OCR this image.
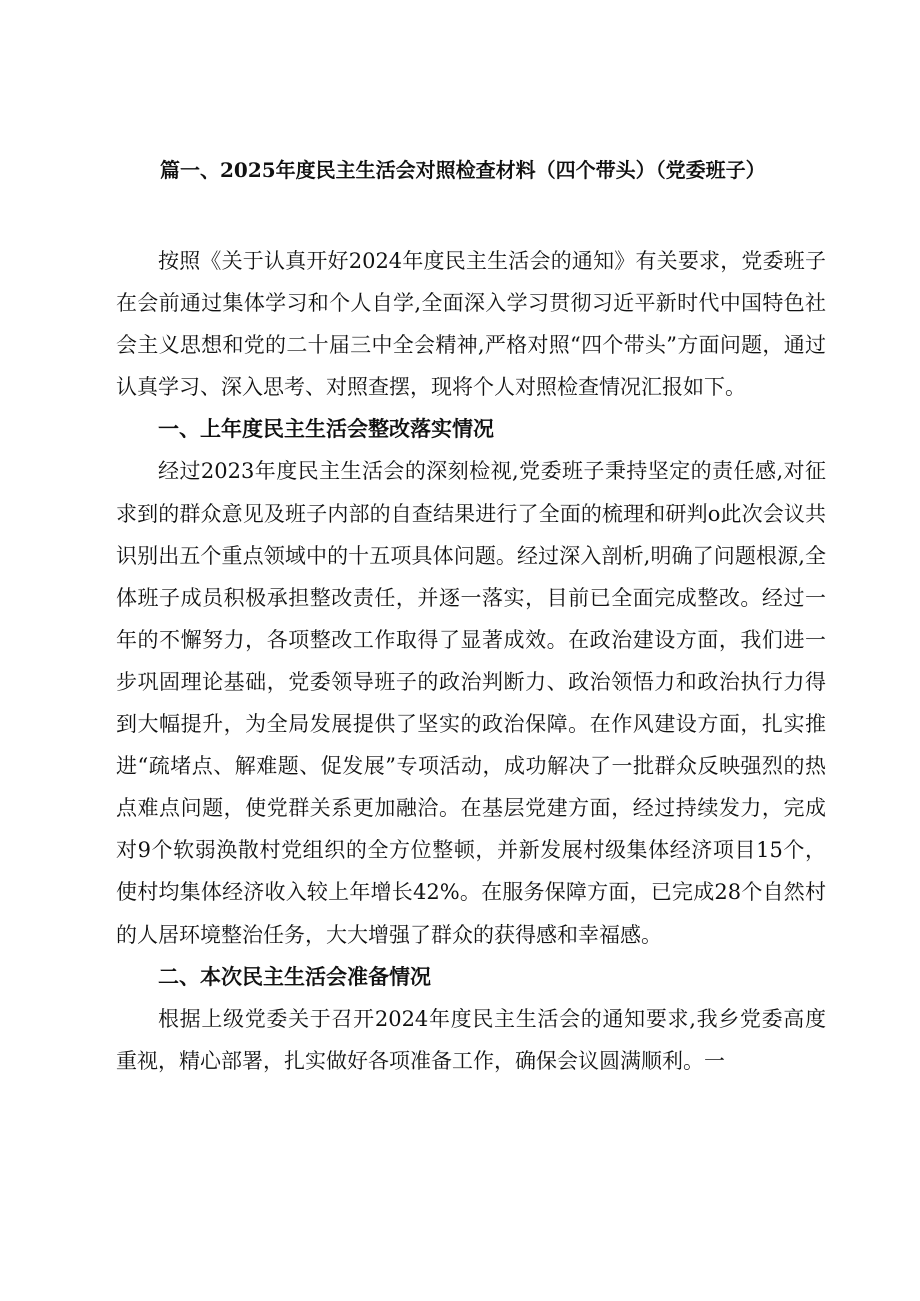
篇一、2025年度民主生活会对照检查材料（四个带头）（党委班子）

按照《关于认真开好2024年度民主生活会的通知》有关要求，党委班子在会前通过集体学习和个人自学,全面深入学习贯彻习近平新时代中国特色社会主义思想和党的二十届三中全会精神,严格对照“四个带头”方面问题，通过认真学习、深入思考、对照查摆，现将个人对照检查情况汇报如下。

一、上年度民主生活会整改落实情况

经过2023年度民主生活会的深刻检视,党委班子秉持坚定的责任感,对征求到的群众意见及班子内部的自查结果进行了全面的梳理和研判o此次会议共识别出五个重点领域中的十五项具体问题。经过深入剖析,明确了问题根源,全体班子成员积极承担整改责任，并逐一落实，目前已全面完成整改。经过一年的不懈努力，各项整改工作取得了显著成效。在政治建设方面，我们进一步巩固理论基础，党委领导班子的政治判断力、政治领悟力和政治执行力得到大幅提升，为全局发展提供了坚实的政治保障。在作风建设方面，扎实推进“疏堵点、解难题、促发展”专项活动，成功解决了一批群众反映强烈的热点难点问题，使党群关系更加融洽。在基层党建方面，经过持续发力，完成对9个软弱涣散村党组织的全方位整顿，并新发展村级集体经济项目15个，使村均集体经济收入较上年增长42%。在服务保障方面，已完成28个自然村的人居环境整治任务，大大增强了群众的获得感和幸福感。

二、本次民主生活会准备情况

根据上级党委关于召开2024年度民主生活会的通知要求,我乡党委高度重视，精心部署，扎实做好各项准备工作，确保会议圆满顺利。一
